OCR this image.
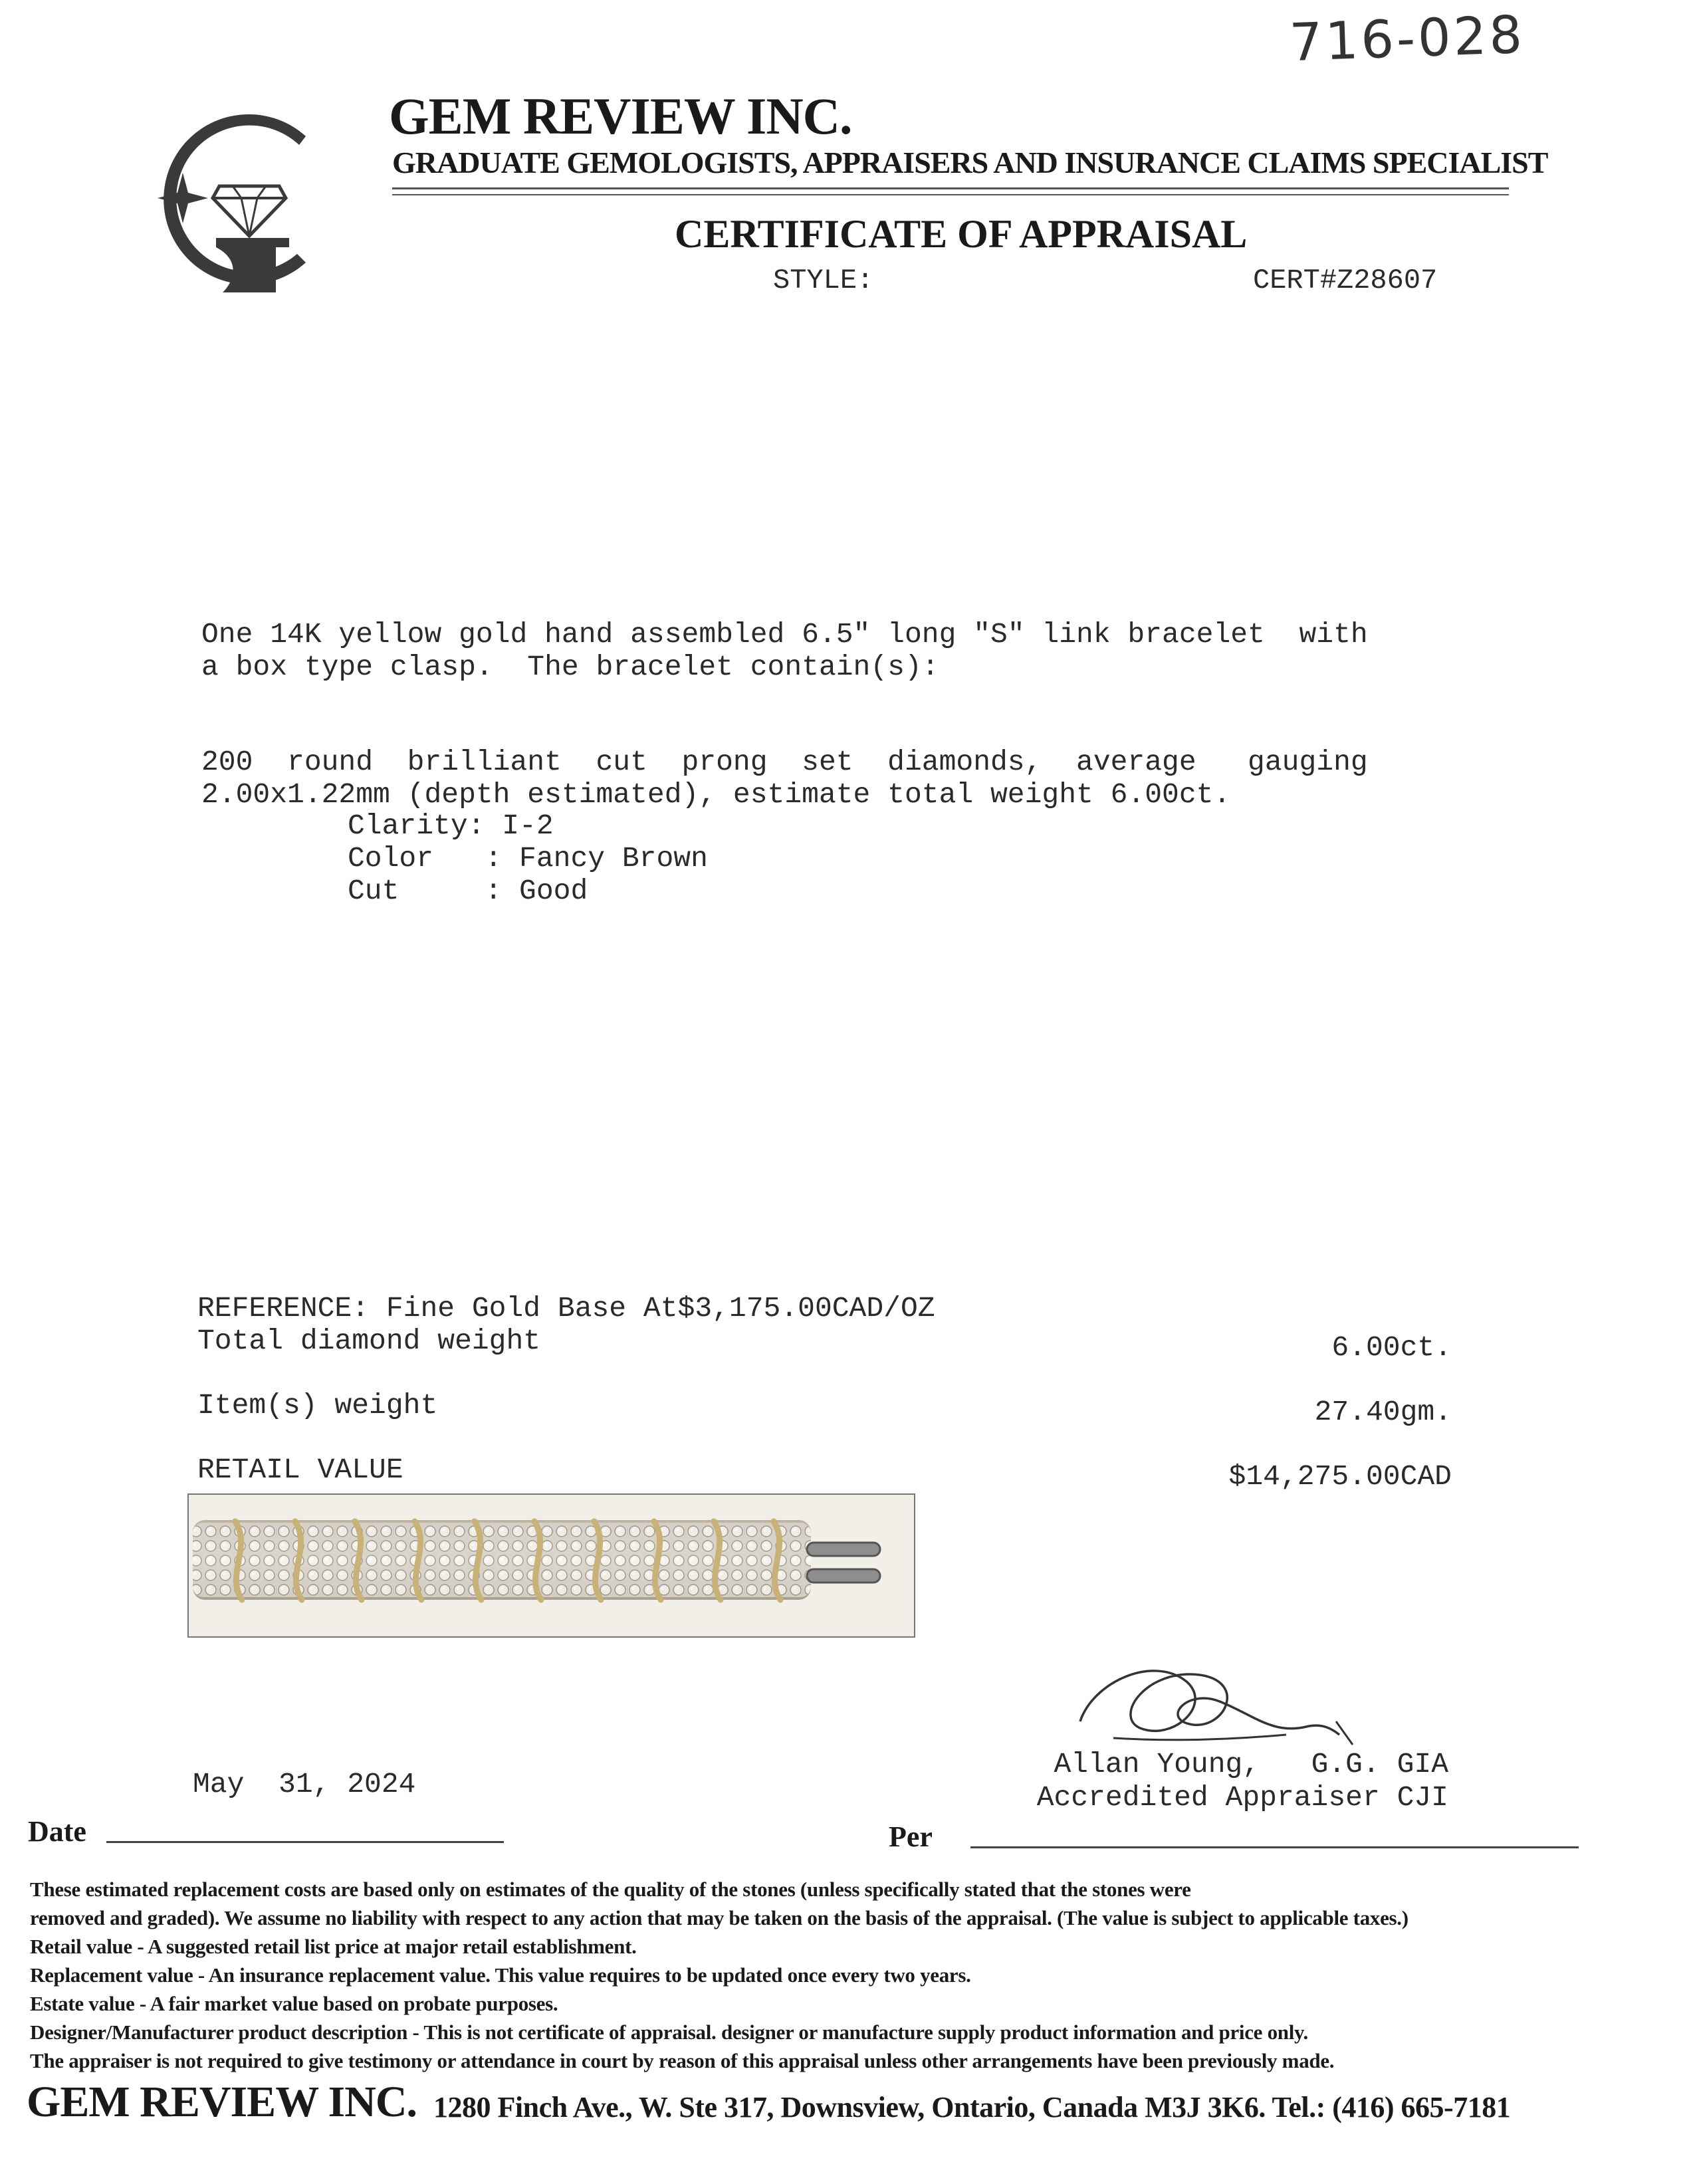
716-028
GEM REVIEW INC.
GRADUATE GEMOLOGISTS, APPRAISERS AND INSURANCE CLAIMS SPECIALIST
CERTIFICATE OF APPRAISAL
STYLE:	CERT#Z28607
One 14K yellow gold hand assembled 6.5" long "S" link bracelet  with
a box type clasp.  The bracelet contain(s):
200  round  brilliant  cut  prong  set  diamonds,  average   gauging
2.00x1.22mm (depth estimated), estimate total weight 6.00ct.
Clarity: I-2
Color   : Fancy Brown
Cut     : Good
REFERENCE: Fine Gold Base At$3,175.00CAD/OZ
Total diamond weight	6.00ct.
Item(s) weight	27.40gm.
RETAIL VALUE	$14,275.00CAD
Allan Young,   G.G. GIA
Accredited Appraiser CJI
May  31, 2024
Date	Per
These estimated replacement costs are based only on estimates of the quality of the stones (unless specifically stated that the stones were
removed and graded). We assume no liability with respect to any action that may be taken on the basis of the appraisal. (The value is subject to applicable taxes.)
Retail value - A suggested retail list price at major retail establishment.
Replacement value - An insurance replacement value. This value requires to be updated once every two years.
Estate value - A fair market value based on probate purposes.
Designer/Manufacturer product description - This is not certificate of appraisal. designer or manufacture supply product information and price only.
The appraiser is not required to give testimony or attendance in court by reason of this appraisal unless other arrangements have been previously made.
GEM REVIEW INC. 1280 Finch Ave., W. Ste 317, Downsview, Ontario, Canada M3J 3K6. Tel.: (416) 665-7181
